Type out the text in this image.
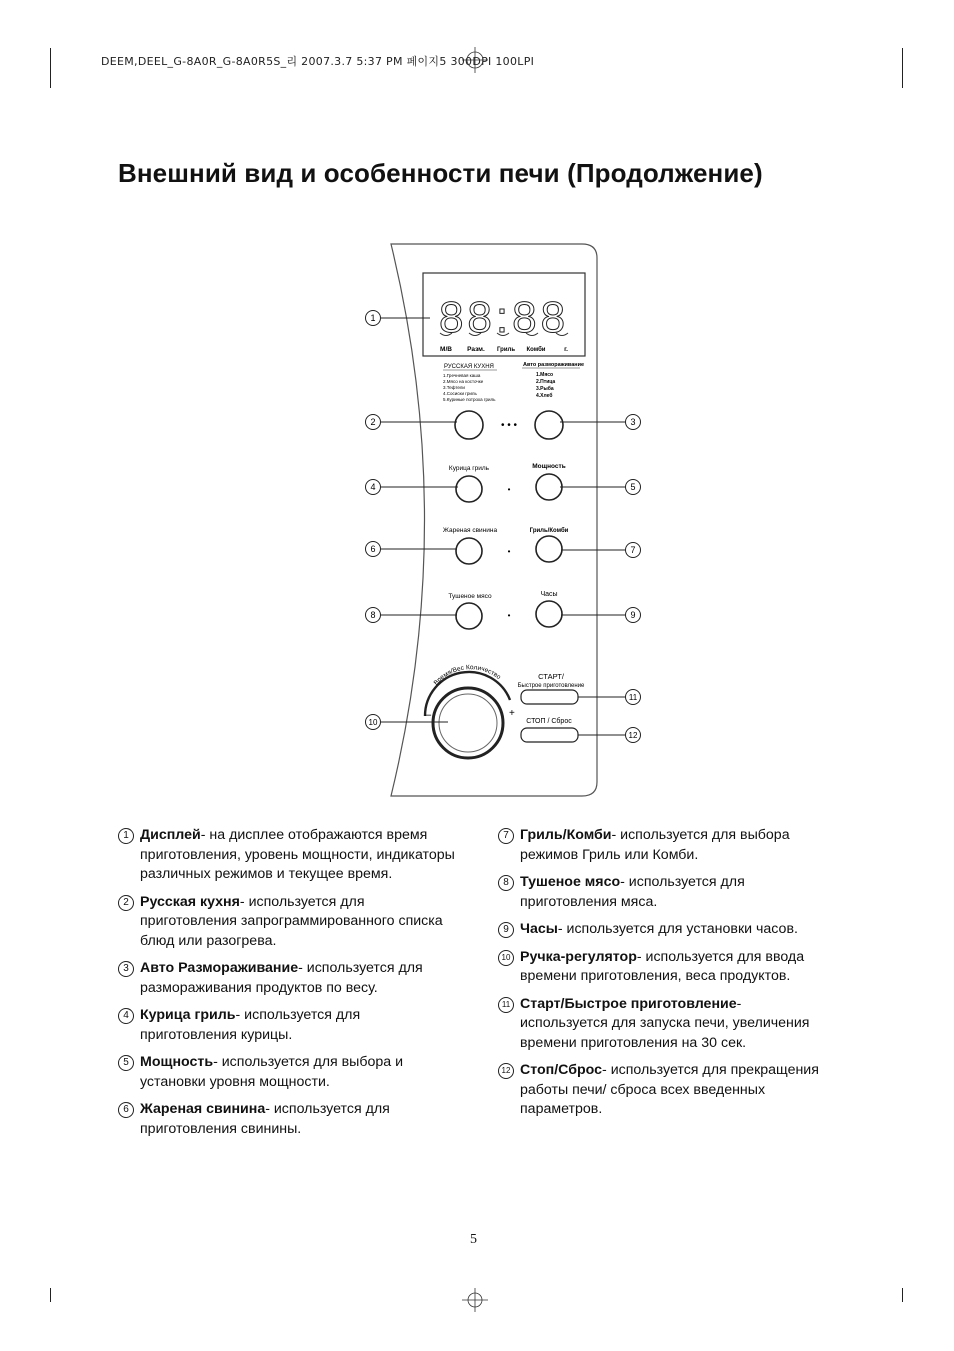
DEEM,DEEL_G-8A0R_G-8A0R5S_리 2007.3.7 5:37 PM 페이지5 300DPI 100LPI
Внешний вид и особенности печи (Продолжение)
88:88
М/В Разм. Гриль Комби	г.
РУССКАЯ КУХНЯ
1.Гречневая каша
2.Мясо на косточке
3.Тефтели
4.Сосиски гриль
5.Куриные потроха гриль
Авто размораживание
1.Мясо
2.Птица
3.Рыба
4.Хлеб
• • •
Курица гриль	Мощность
•
Жареная свинина	Гриль/Комби
•
Тушеное мясо	Часы
•
Время/Вес Количество
–	+
СТАРТ/
Быстрое приготовление
СТОП / Сброс
1
2
4
6
8
10
3
5
7
9
11
12
1 Дисплей- на дисплее отображаются время приготовления, уровень мощности, индикаторы различных режимов и текущее время.
2 Русская кухня- используется для приготовления запрограммированного списка блюд или разогрева.
3 Авто Размораживание- используется для размораживания продуктов по весу.
4 Курица гриль- используется для приготовления курицы.
5 Мощность- используется для выбора и установки уровня мощности.
6 Жареная свинина- используется для приготовления свинины.
7 Гриль/Комби- используется для выбора режимов Гриль или Комби.
8 Тушеное мясо- используется для приготовления мяса.
9 Часы- используется для установки часов.
10 Ручка-регулятор- используется для ввода времени приготовления, веса продуктов.
11 Старт/Быстрое приготовление- используется для запуска печи, увеличения времени приготовления на 30 сек.
12 Стоп/Сброс- используется для прекращения работы печи/ сброса всех введенных параметров.
5
